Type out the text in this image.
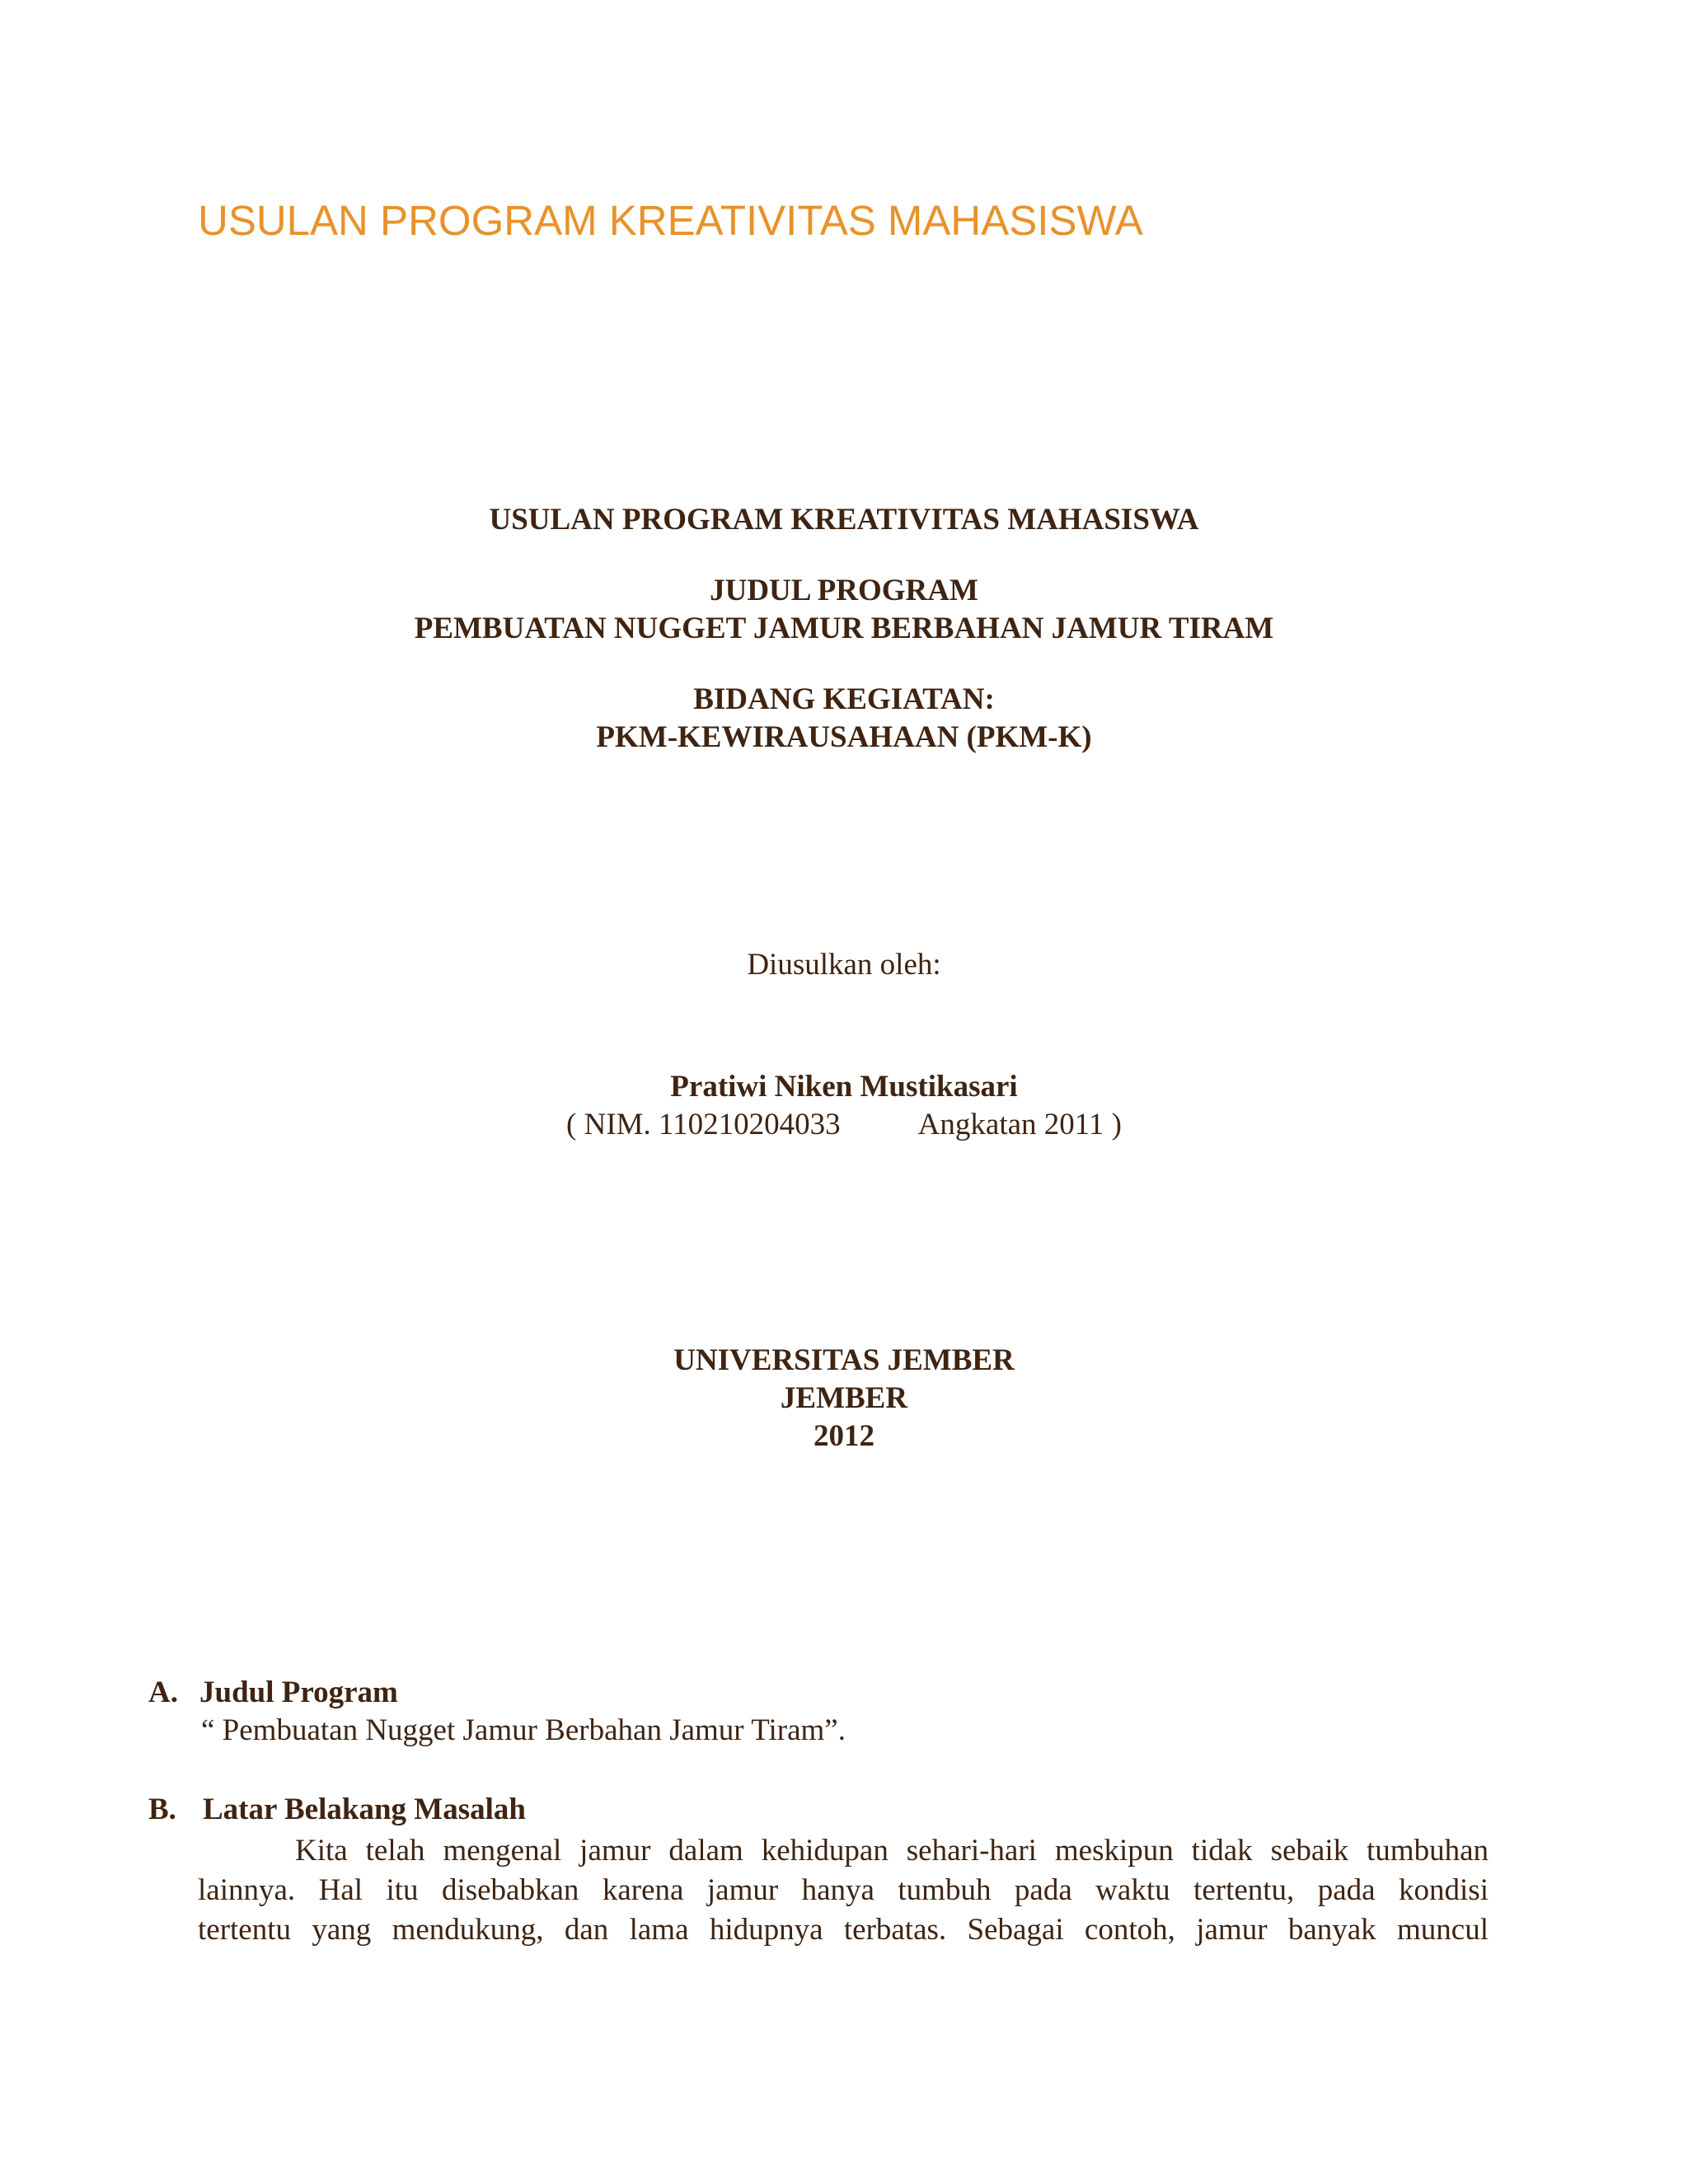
USULAN PROGRAM KREATIVITAS MAHASISWA
USULAN PROGRAM KREATIVITAS MAHASISWA
JUDUL PROGRAM
PEMBUATAN NUGGET JAMUR BERBAHAN JAMUR TIRAM
BIDANG KEGIATAN:
PKM-KEWIRAUSAHAAN (PKM-K)
Diusulkan oleh:
Pratiwi Niken Mustikasari
( NIM. 110210204033	Angkatan 2011 )
UNIVERSITAS JEMBER
JEMBER
2012
A. Judul Program
“ Pembuatan Nugget Jamur Berbahan Jamur Tiram”.
B. Latar Belakang Masalah
Kita telah mengenal jamur dalam kehidupan sehari-hari meskipun tidak sebaik tumbuhan
lainnya. Hal itu disebabkan karena jamur hanya tumbuh pada waktu tertentu, pada kondisi
tertentu yang mendukung, dan lama hidupnya terbatas. Sebagai contoh, jamur banyak muncul
